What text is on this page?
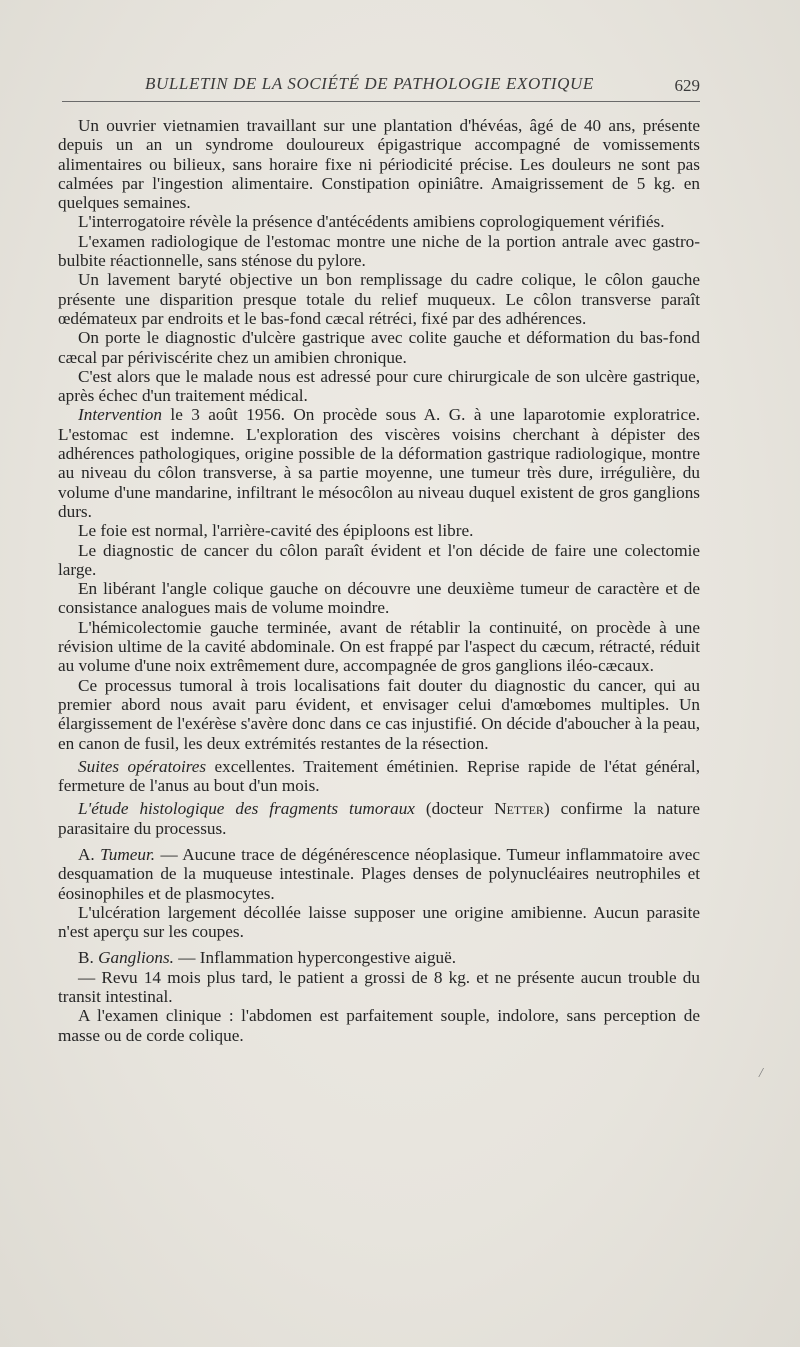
BULLETIN DE LA SOCIÉTÉ DE PATHOLOGIE EXOTIQUE	629

Un ouvrier vietnamien travaillant sur une plantation d'hévéas, âgé de 40 ans, présente depuis un an un syndrome douloureux épigastrique accompagné de vomissements alimentaires ou bilieux, sans horaire fixe ni périodicité précise. Les douleurs ne sont pas calmées par l'ingestion alimentaire. Constipation opiniâtre. Amaigrissement de 5 kg. en quelques semaines.

L'interrogatoire révèle la présence d'antécédents amibiens coprologiquement vérifiés.

L'examen radiologique de l'estomac montre une niche de la portion antrale avec gastro-bulbite réactionnelle, sans sténose du pylore.

Un lavement baryté objective un bon remplissage du cadre colique, le côlon gauche présente une disparition presque totale du relief muqueux. Le côlon transverse paraît œdémateux par endroits et le bas-fond cæcal rétréci, fixé par des adhérences.

On porte le diagnostic d'ulcère gastrique avec colite gauche et déformation du bas-fond cæcal par périviscérite chez un amibien chronique.

C'est alors que le malade nous est adressé pour cure chirurgicale de son ulcère gastrique, après échec d'un traitement médical.

Intervention le 3 août 1956. On procède sous A. G. à une laparotomie exploratrice. L'estomac est indemne. L'exploration des viscères voisins cherchant à dépister des adhérences pathologiques, origine possible de la déformation gastrique radiologique, montre au niveau du côlon transverse, à sa partie moyenne, une tumeur très dure, irrégulière, du volume d'une mandarine, infiltrant le mésocôlon au niveau duquel existent de gros ganglions durs.

Le foie est normal, l'arrière-cavité des épiploons est libre.

Le diagnostic de cancer du côlon paraît évident et l'on décide de faire une colectomie large.

En libérant l'angle colique gauche on découvre une deuxième tumeur de caractère et de consistance analogues mais de volume moindre.

L'hémicolectomie gauche terminée, avant de rétablir la continuité, on procède à une révision ultime de la cavité abdominale. On est frappé par l'aspect du cæcum, rétracté, réduit au volume d'une noix extrêmement dure, accompagnée de gros ganglions iléo-cæcaux.

Ce processus tumoral à trois localisations fait douter du diagnostic du cancer, qui au premier abord nous avait paru évident, et envisager celui d'amœbomes multiples. Un élargissement de l'exérèse s'avère donc dans ce cas injustifié. On décide d'aboucher à la peau, en canon de fusil, les deux extrémités restantes de la résection.

Suites opératoires excellentes. Traitement émétinien. Reprise rapide de l'état général, fermeture de l'anus au bout d'un mois.

L'étude histologique des fragments tumoraux (docteur Netter) confirme la nature parasitaire du processus.

A. Tumeur. — Aucune trace de dégénérescence néoplasique. Tumeur inflammatoire avec desquamation de la muqueuse intestinale. Plages denses de polynucléaires neutrophiles et éosinophiles et de plasmocytes.

L'ulcération largement décollée laisse supposer une origine amibienne. Aucun parasite n'est aperçu sur les coupes.

B. Ganglions. — Inflammation hypercongestive aiguë.

— Revu 14 mois plus tard, le patient a grossi de 8 kg. et ne présente aucun trouble du transit intestinal.

A l'examen clinique : l'abdomen est parfaitement souple, indolore, sans perception de masse ou de corde colique.

/
